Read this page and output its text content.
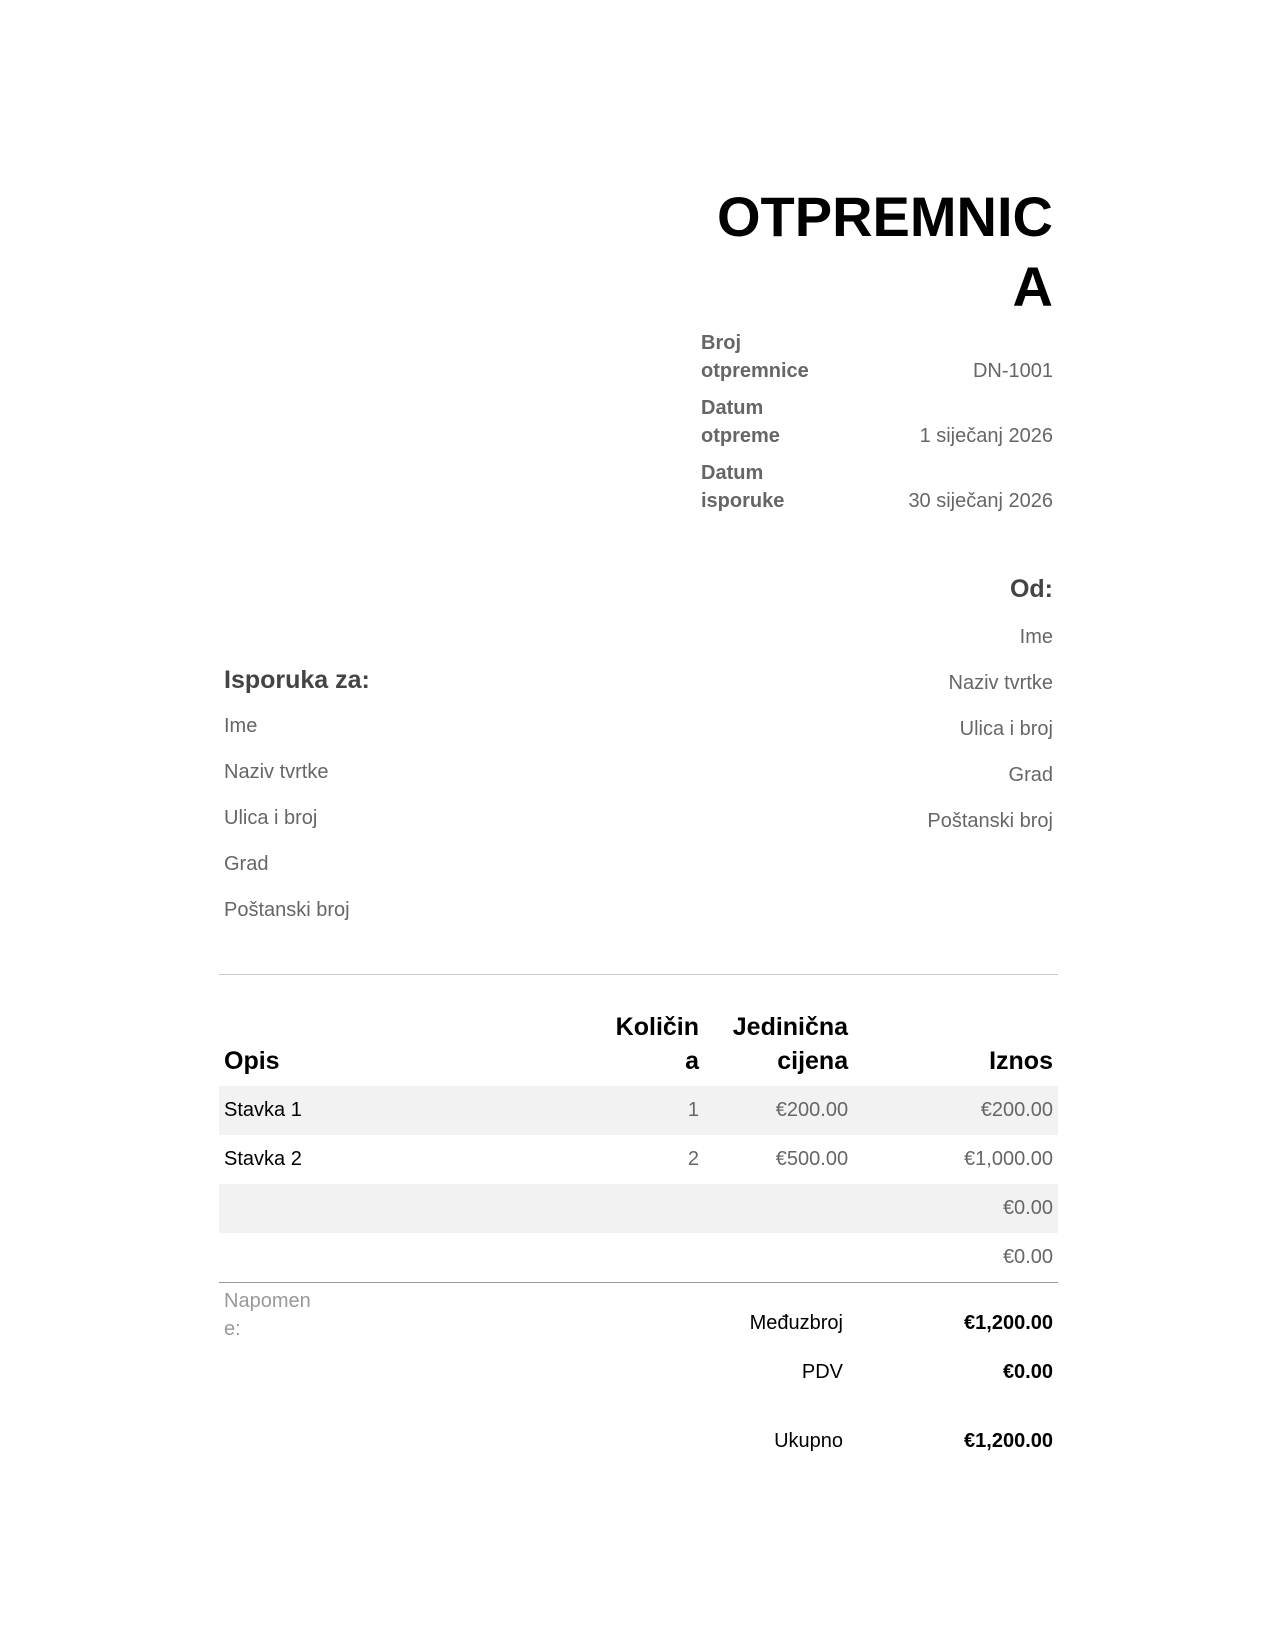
OTPREMNICA
Broj otpremnice	DN-1001
Datum otpreme	1 siječanj 2026
Datum isporuke	30 siječanj 2026
Od:
Ime
Naziv tvrtke
Ulica i broj
Grad
Poštanski broj
Isporuka za:
Ime
Naziv tvrtke
Ulica i broj
Grad
Poštanski broj
Opis	Količina	Jedinična cijena	Iznos
Stavka 1	1	€200.00	€200.00
Stavka 2	2	€500.00	€1,000.00
			€0.00
			€0.00
Napomene:	Međuzbroj	€1,200.00
PDV	€0.00
Ukupno	€1,200.00
